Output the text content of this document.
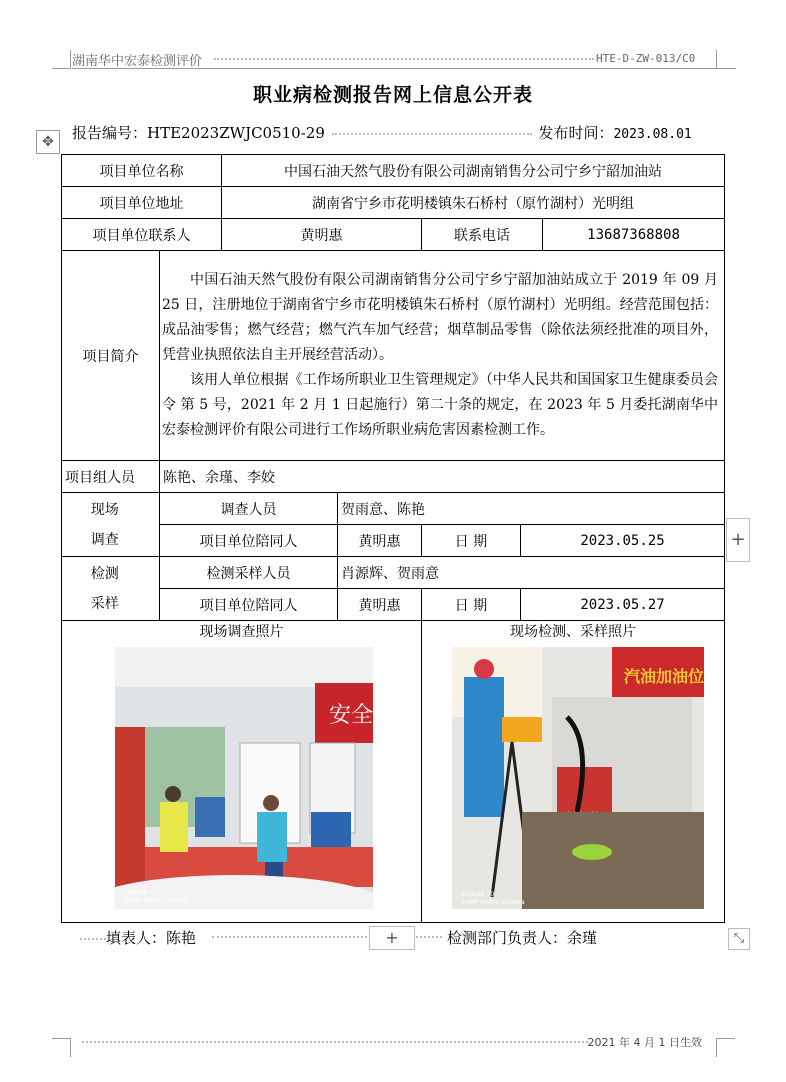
湖南华中宏泰检测评价	HTE-D-ZW-013/C0
职业病检测报告网上信息公开表
✥	报告编号：HTE2023ZWJC0510-29	发布时间：2023.08.01
项目单位名称			中国石油天然气股份有限公司湖南销售分公司宁乡宁韶加油站				
项目单位地址			湖南省宁乡市花明楼镇朱石桥村（原竹湖村）光明组				
项目单位联系人			黄明惠		联系电话		13687368808
项目简介		中国石油天然气股份有限公司湖南销售分公司宁乡宁韶加油站成立于 2019 年 09 月 25 日，注册地位于湖南省宁乡市花明楼镇朱石桥村（原竹湖村）光明组。经营范围包括：成品油零售；燃气经营；燃气汽车加气经营；烟草制品零售（除依法须经批准的项目外，凭营业执照依法自主开展经营活动）。

该用人单位根据《工作场所职业卫生管理规定》（中华人民共和国国家卫生健康委员会令 第 5 号，2021 年 2 月 1 日起施行）第二十条的规定，在 2023 年 5 月委托湖南华中宏泰检测评价有限公司进行工作场所职业病危害因素检测工作。					

项目组人员		陈艳、余瑾、李姣					

现场
调查		调查人员		贺雨意、陈艳			
		项目单位陪同人		黄明惠	日 期	2023.05.25	

检测
采样		检测采样人员		肖源辉、贺雨意			
		项目单位陪同人		黄明惠	日 期	2023.05.27	

现场调查照片
安全
HONOR 70
54MP Matrix Camera					现场检测、采样照片
汽油加油位
HONOR 70
54MP Matrix Camera		
+
填表人：陈艳	+	检测部门负责人：余瑾	⤡
2021 年 4 月 1 日生效
